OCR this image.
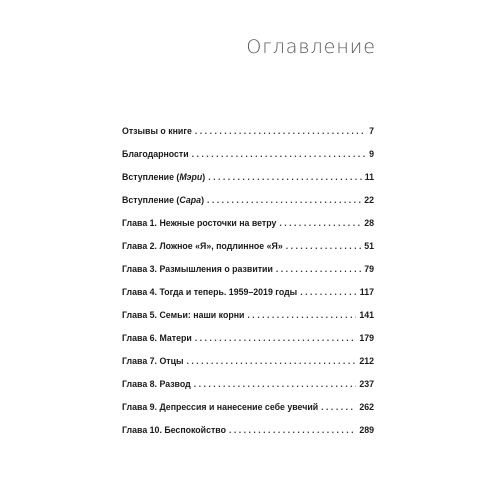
Оглавление
Отзывы о книге . . .	7
Благодарности . . .	9
Вступление (Мэри) . . .	11
Вступление (Сара) . . .	22
Глава 1. Нежные росточки на ветру . . .	28
Глава 2. Ложное «Я», подлинное «Я» . . .	51
Глава 3. Размышления о развитии . . .	79
Глава 4. Тогда и теперь. 1959–2019 годы . . .	117
Глава 5. Семьи: наши корни . . .	141
Глава 6. Матери . . .	179
Глава 7. Отцы . . .	212
Глава 8. Развод . . .	237
Глава 9. Депрессия и нанесение себе увечий . . .	262
Глава 10. Беспокойство . . .	289
